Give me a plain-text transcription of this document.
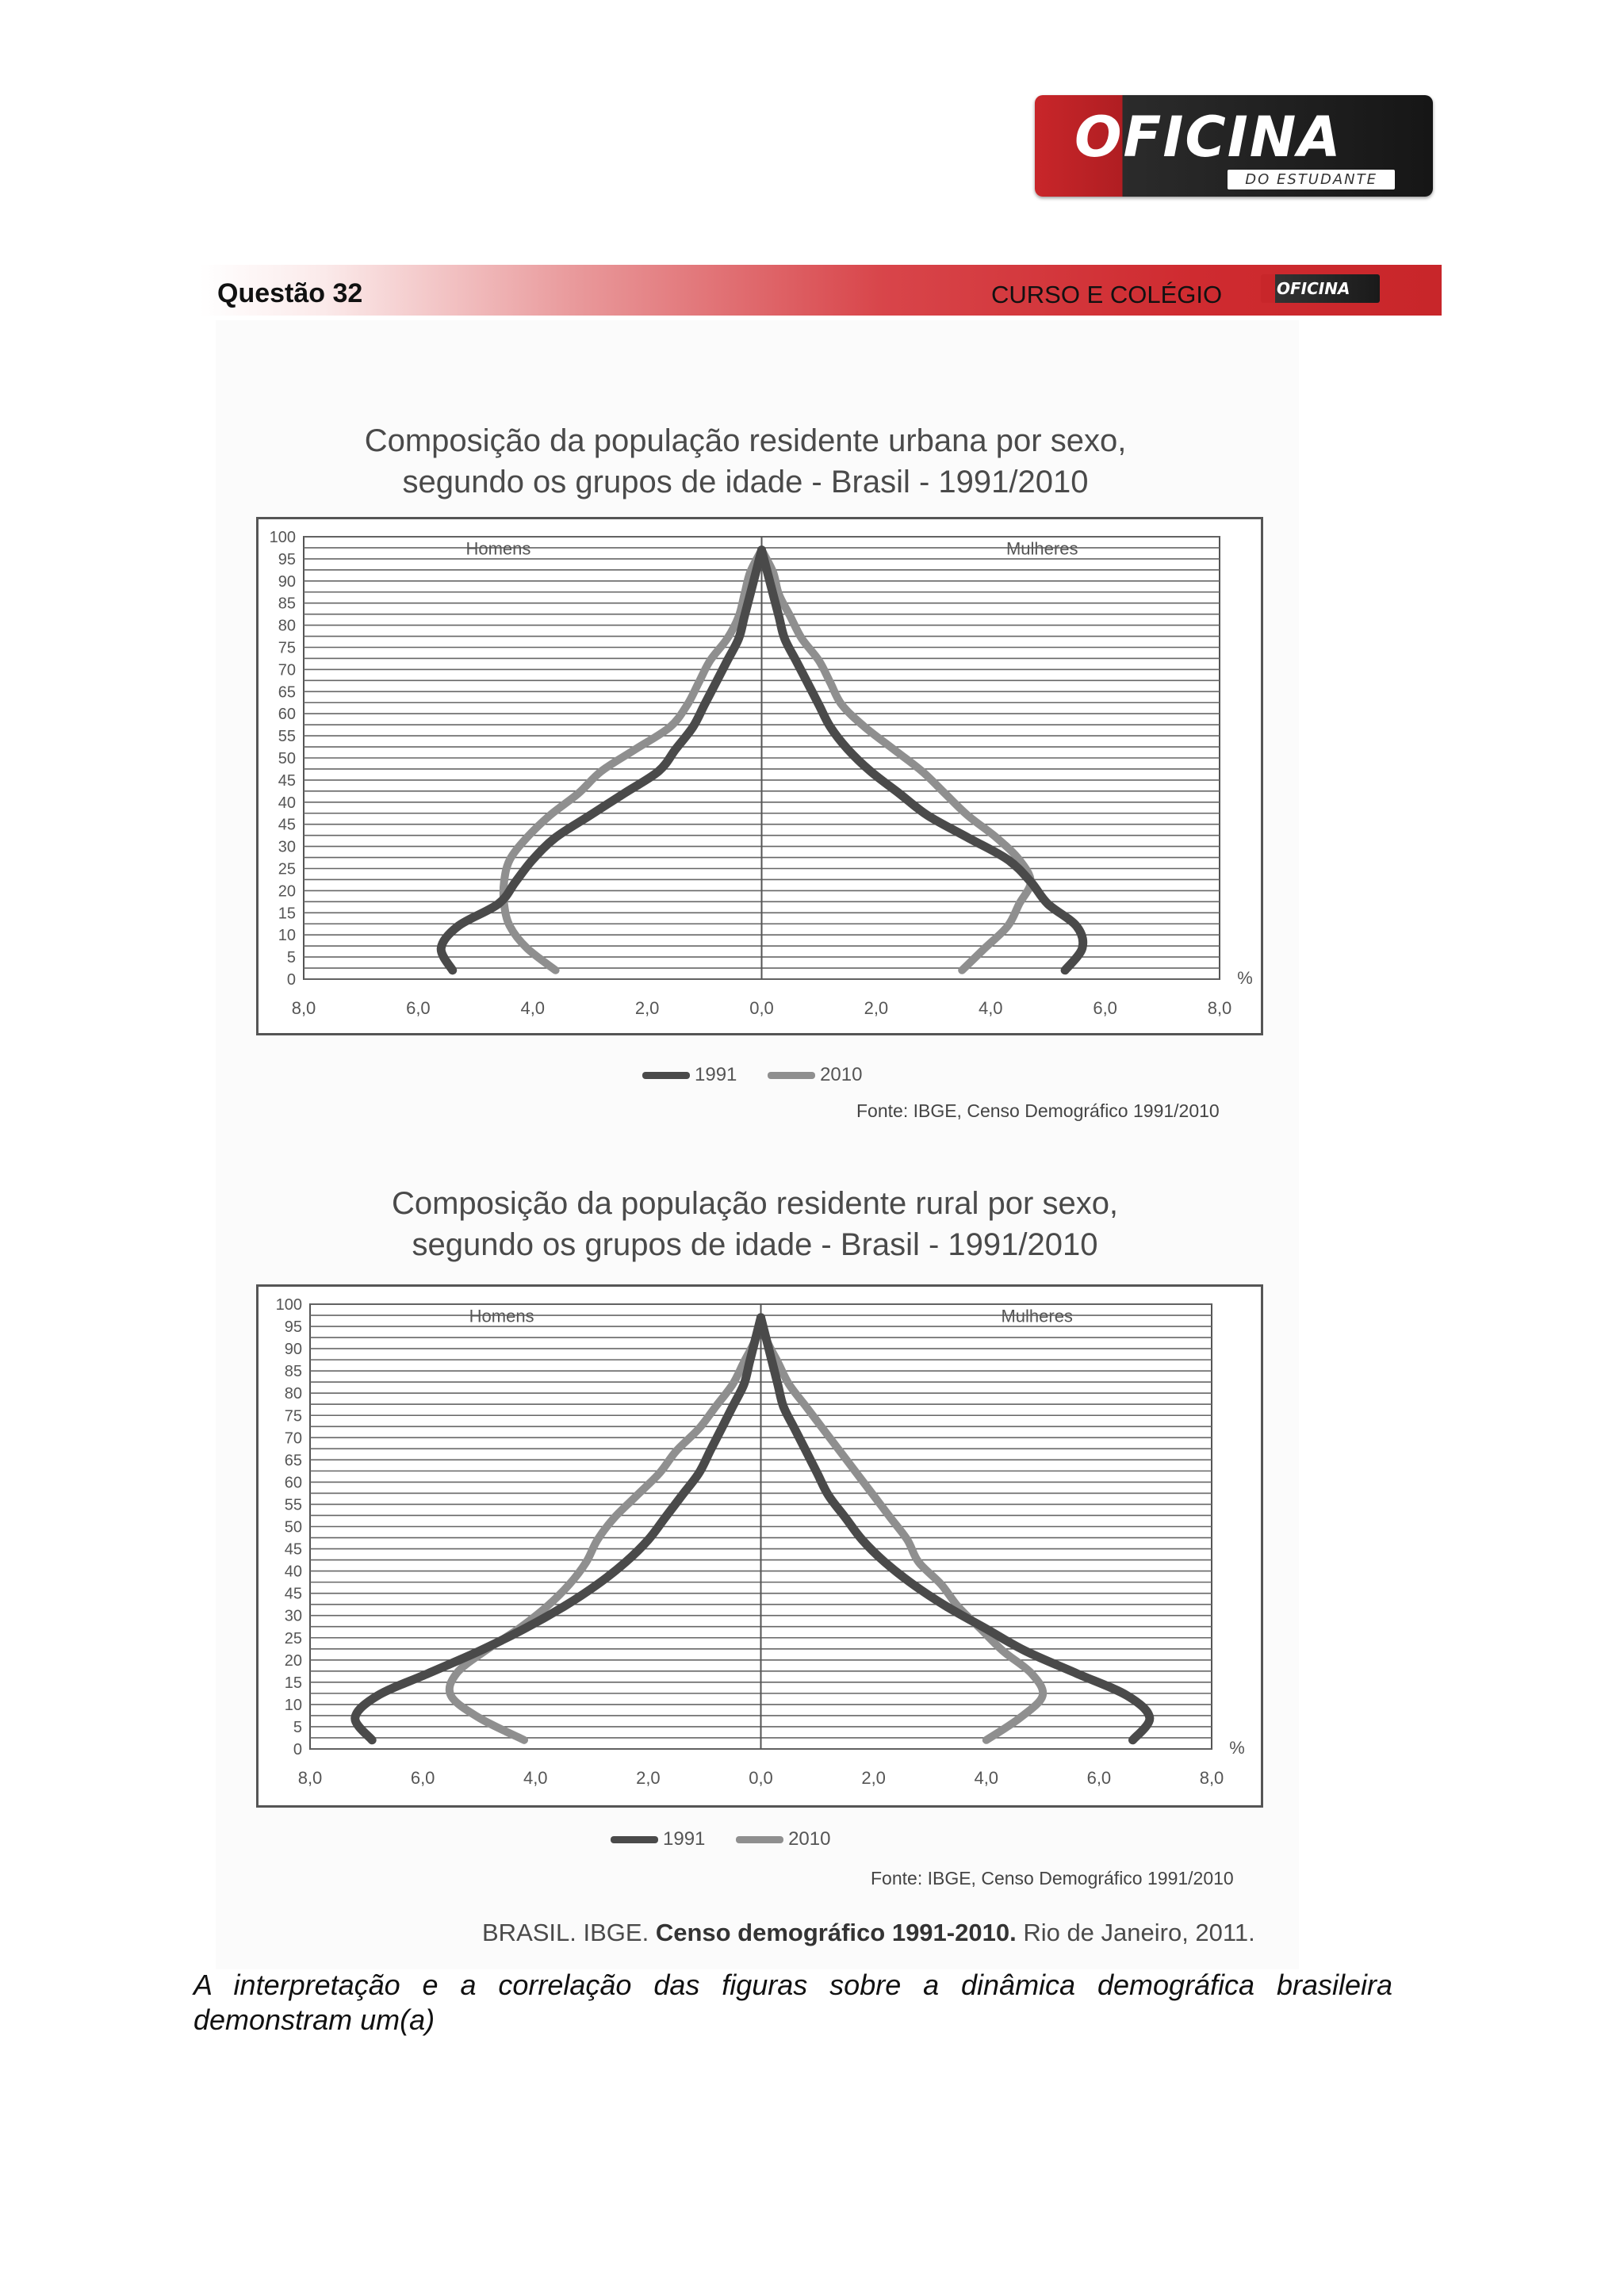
OFICINA
DO ESTUDANTE
Questão 32	CURSO E COLÉGIO	OFICINA
Composição da população residente urbana por sexo,
segundo os grupos de idade - Brasil - 1991/2010
100
95
90
85
80
75
70
65
60
55
50
45
40
45
30
25
20
15
10
5
0
8,0	6,0	4,0	2,0	0,0	2,0	4,0	6,0	8,0
%
Homens	Mulheres
1991	2010
Fonte: IBGE, Censo Demográfico 1991/2010
Composição da população residente rural por sexo,
segundo os grupos de idade - Brasil - 1991/2010
100
95
90
85
80
75
70
65
60
55
50
45
40
45
30
25
20
15
10
5
0
8,0	6,0	4,0	2,0	0,0	2,0	4,0	6,0	8,0
%
Homens	Mulheres
1991	2010
Fonte: IBGE, Censo Demográfico 1991/2010
BRASIL. IBGE. Censo demográfico 1991-2010. Rio de Janeiro, 2011.
A interpretação e a correlação das figuras sobre a dinâmica demográfica brasileira demonstram um(a)
